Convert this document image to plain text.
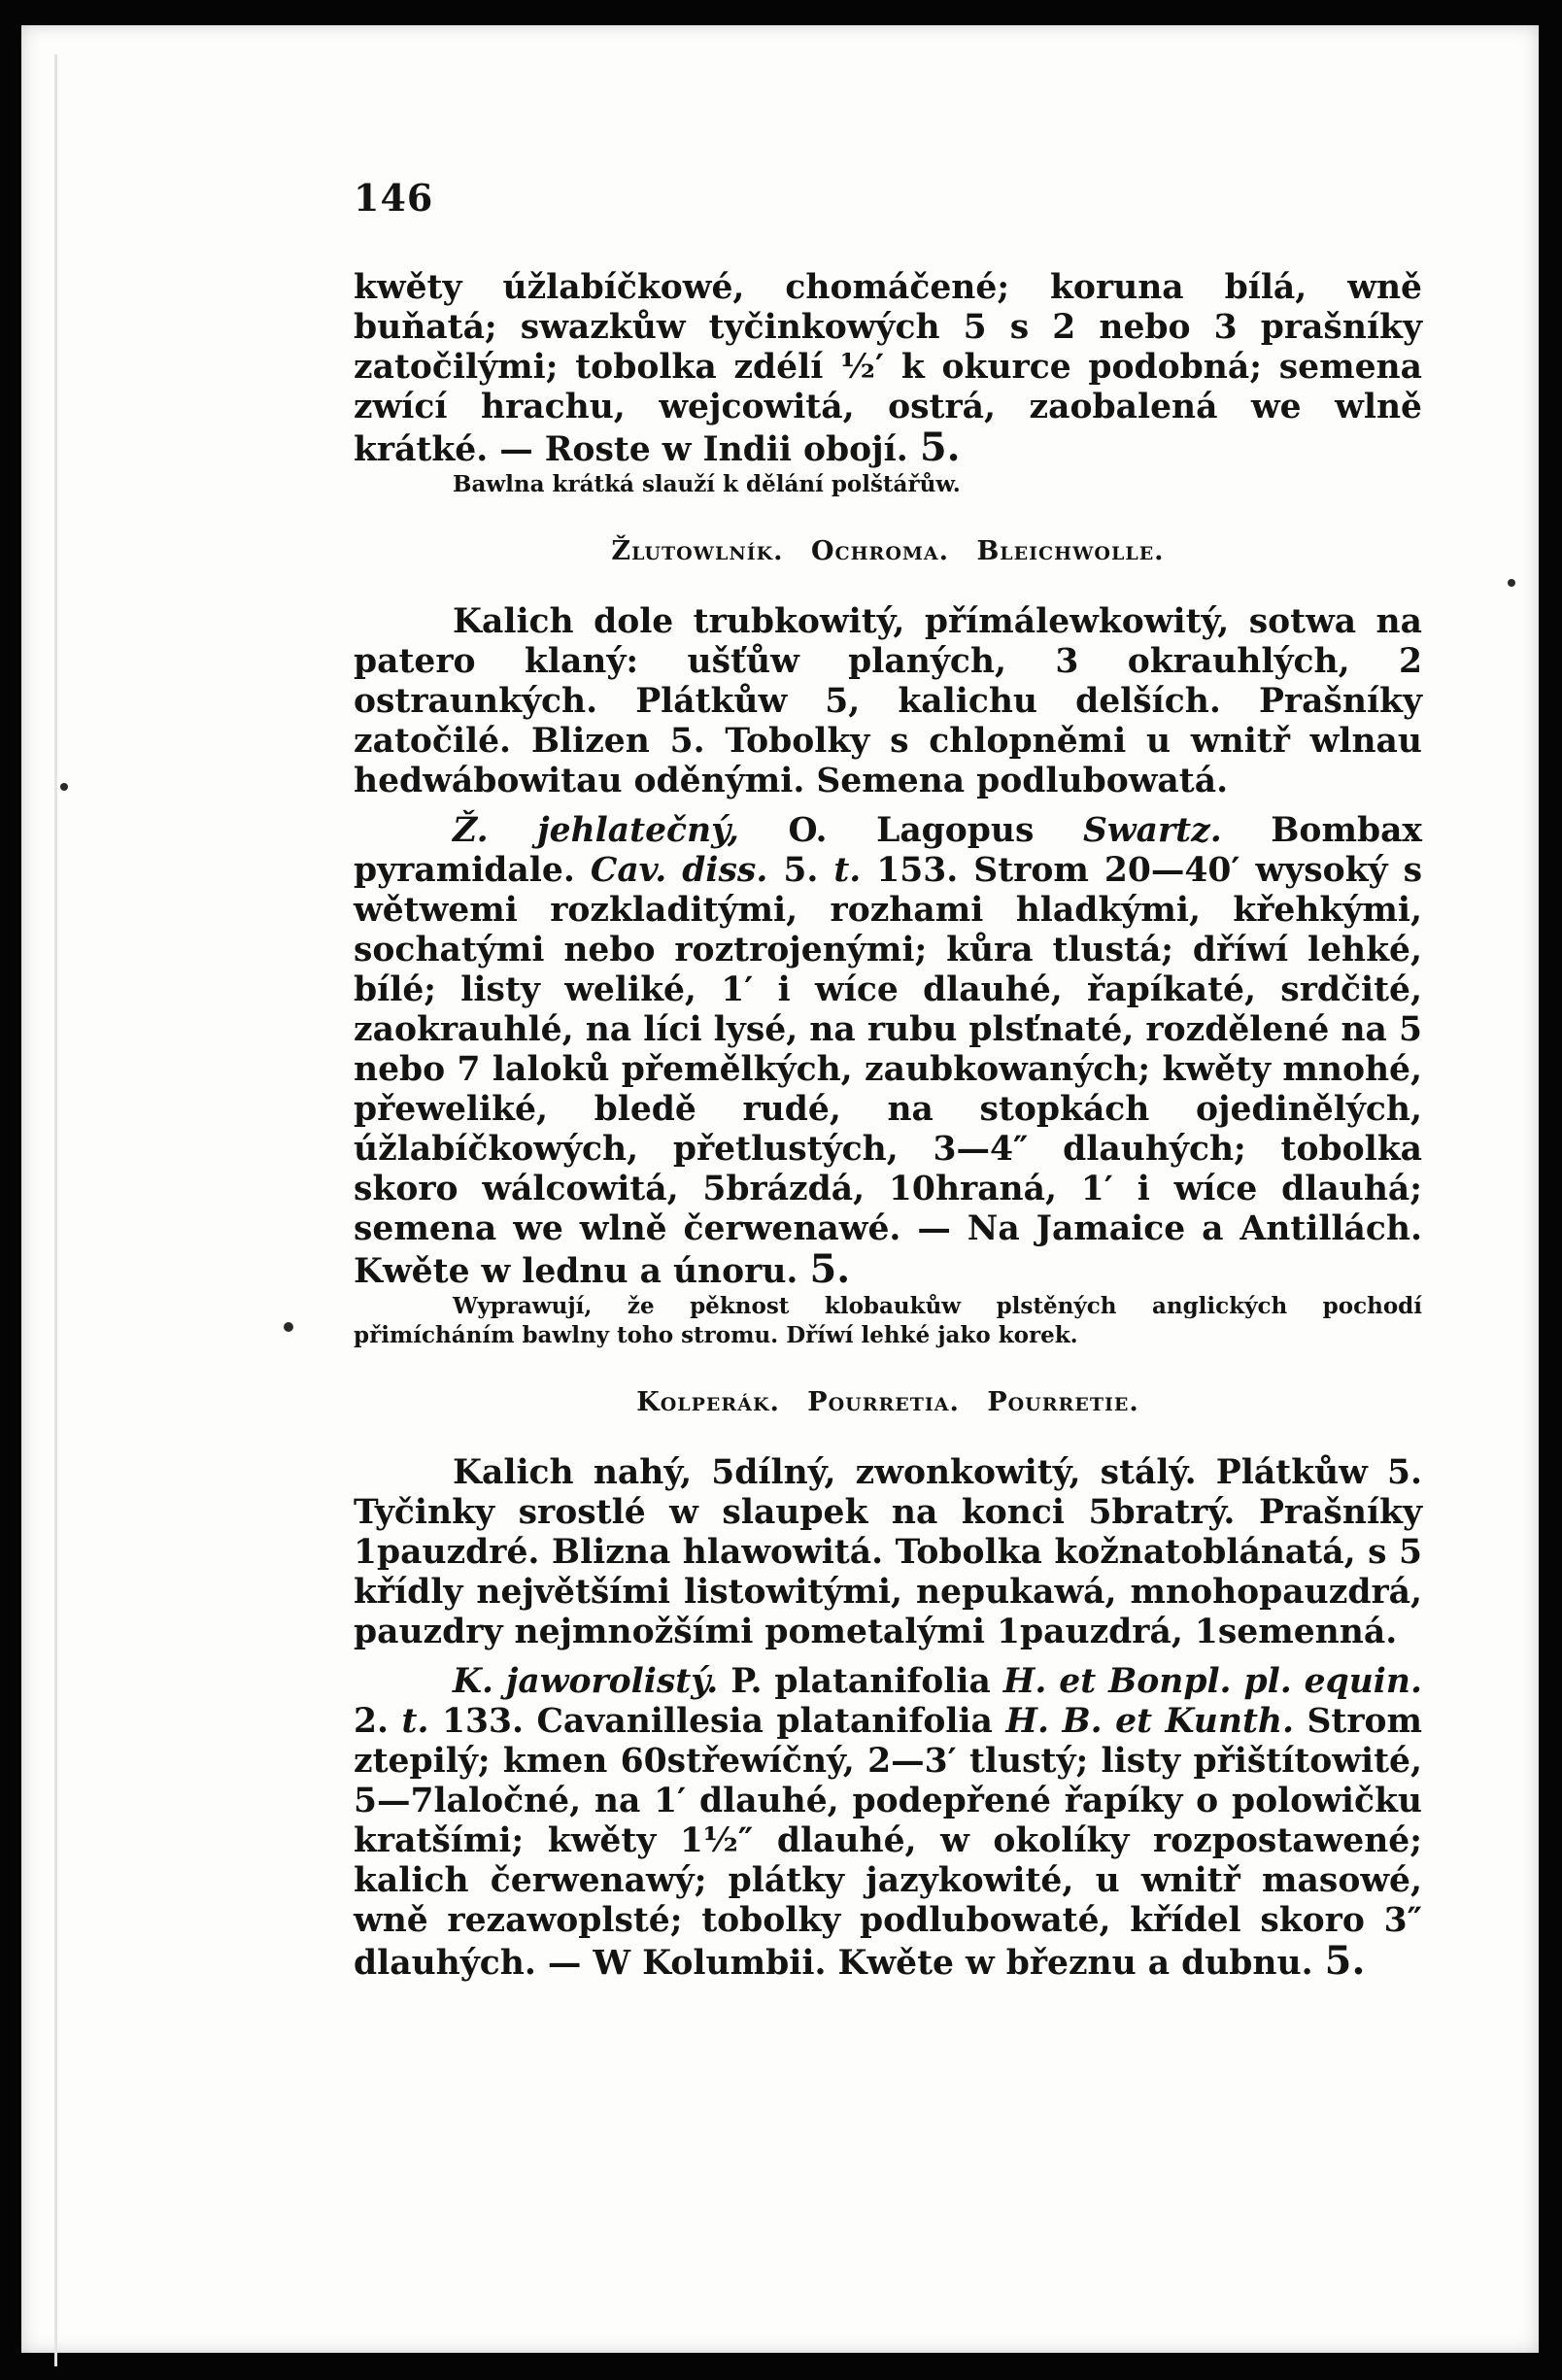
146

kwěty úžlabíčkowé, chomáčené; koruna bílá, wně buňatá; swazkůw tyčinkowých 5 s 2 nebo 3 prašníky zatočilými; tobolka zdélí ½′ k okurce podobná; semena zwící hrachu, wejcowitá, ostrá, zaobalená we wlně krátké. — Roste w Indii obojí. 5.

Bawlna krátká slauží k dělání polštářůw.

Žlutowlník. Ochroma. Bleichwolle.

Kalich dole trubkowitý, přímálewkowitý, sotwa na patero klaný: ušťůw planých, 3 okrauhlých, 2 ostraunkých. Plátkůw 5, kalichu delších. Prašníky zatočilé. Blizen 5. Tobolky s chlopněmi u wnitř wlnau hedwábowitau oděnými. Semena podlubowatá.

Ž. jehlatečný, O. Lagopus Swartz. Bombax pyramidale. Cav. diss. 5. t. 153. Strom 20—40′ wysoký s wětwemi rozkladitými, rozhami hladkými, křehkými, sochatými nebo roztrojenými; kůra tlustá; dříwí lehké, bílé; listy weliké, 1′ i wíce dlauhé, řapíkaté, srdčité, zaokrauhlé, na líci lysé, na rubu plsťnaté, rozdělené na 5 nebo 7 laloků přemělkých, zaubkowaných; kwěty mnohé, přeweliké, bledě rudé, na stopkách ojedinělých, úžlabíčkowých, přetlustých, 3—4″ dlauhých; tobolka skoro wálcowitá, 5brázdá, 10hraná, 1′ i wíce dlauhá; semena we wlně čerwenawé. — Na Jamaice a Antillách. Kwěte w lednu a únoru. 5.

Wyprawují, že pěknost klobaukůw plstěných anglických pochodí přimícháním bawlny toho stromu. Dříwí lehké jako korek.

Kolperák. Pourretia. Pourretie.

Kalich nahý, 5dílný, zwonkowitý, stálý. Plátkůw 5. Tyčinky srostlé w slaupek na konci 5bratrý. Prašníky 1pauzdré. Blizna hlawowitá. Tobolka kožnatoblánatá, s 5 křídly největšími listowitými, nepukawá, mnohopauzdrá, pauzdry nejmnožšími pometalými 1pauzdrá, 1semenná.

K. jaworolistý. P. platanifolia H. et Bonpl. pl. equin. 2. t. 133. Cavanillesia platanifolia H. B. et Kunth. Strom ztepilý; kmen 60střewíčný, 2—3′ tlustý; listy přištítowité, 5—7laločné, na 1′ dlauhé, podepřené řapíky o polowičku kratšími; kwěty 1½″ dlauhé, w okolíky rozpostawené; kalich čerwenawý; plátky jazykowité, u wnitř masowé, wně rezawoplsté; tobolky podlubowaté, křídel skoro 3″ dlauhých. — W Kolumbii. Kwěte w březnu a dubnu. 5.
